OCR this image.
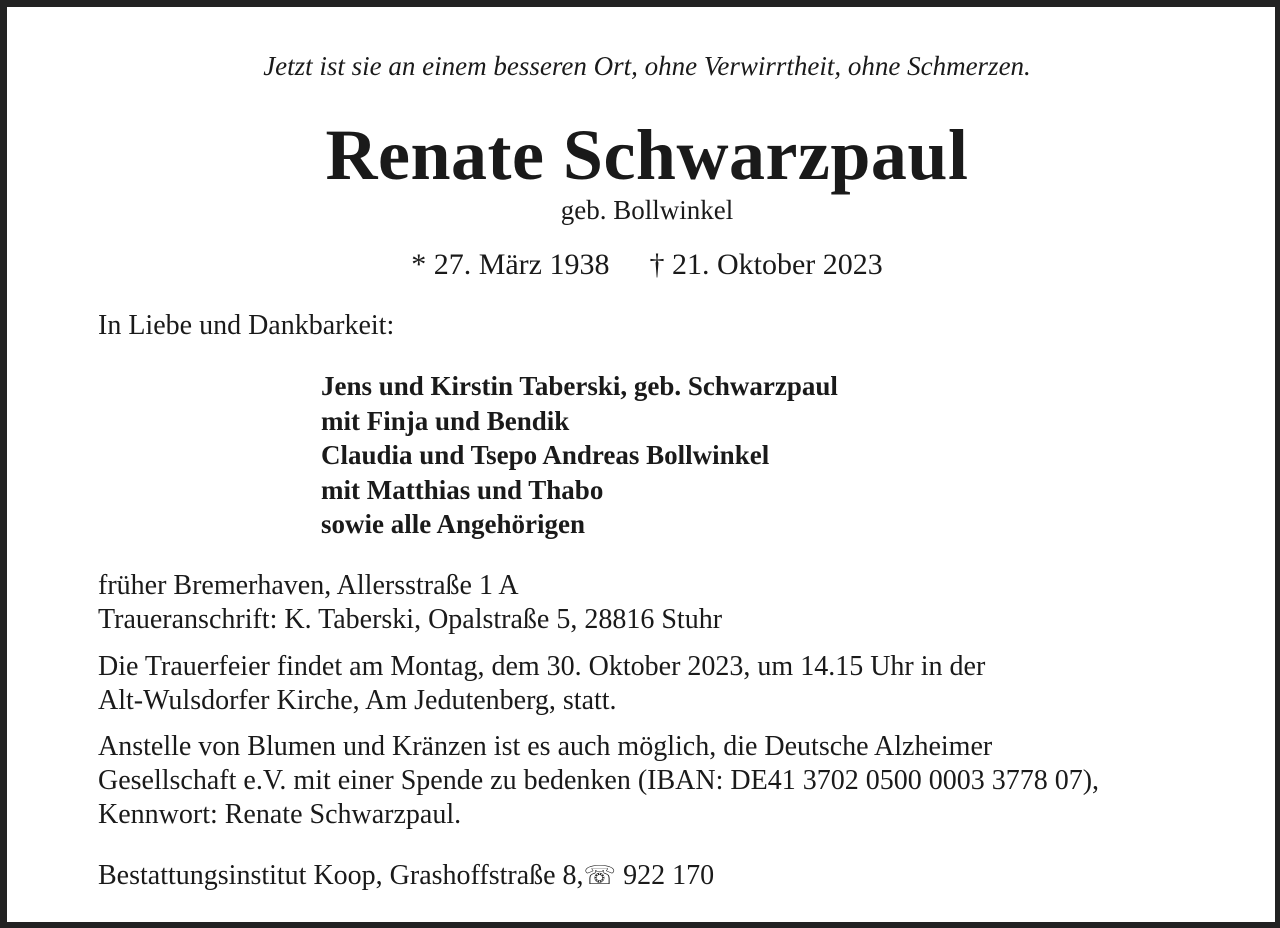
Jetzt ist sie an einem besseren Ort, ohne Verwirrtheit, ohne Schmerzen.
Renate Schwarzpaul
geb. Bollwinkel
* 27. März 1938 † 21. Oktober 2023
In Liebe und Dankbarkeit:
Jens und Kirstin Taberski, geb. Schwarzpaul
mit Finja und Bendik
Claudia und Tsepo Andreas Bollwinkel
mit Matthias und Thabo
sowie alle Angehörigen
früher Bremerhaven, Allersstraße 1 A
Traueranschrift: K. Taberski, Opalstraße 5, 28816 Stuhr
Die Trauerfeier findet am Montag, dem 30. Oktober 2023, um 14.15 Uhr in der
Alt-Wulsdorfer Kirche, Am Jedutenberg, statt.
Anstelle von Blumen und Kränzen ist es auch möglich, die Deutsche Alzheimer
Gesellschaft e.V. mit einer Spende zu bedenken (IBAN: DE41 3702 0500 0003 3778 07),
Kennwort: Renate Schwarzpaul.
Bestattungsinstitut Koop, Grashoffstraße 8,☏ 922 170
